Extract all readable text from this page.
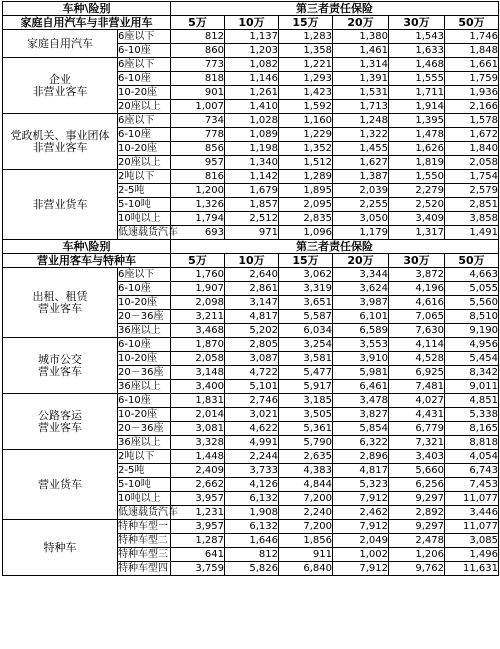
车种\险别		第三者责任保险					
家庭自用汽车与非营业用车		5万	10万	15万	20万	30万	50万
家庭自用汽车	6座以下	812	1,137	1,283	1,380	1,543	1,746
	6-10座	860	1,203	1,358	1,461	1,633	1,848
企业
非营业客车	6座以下	773	1,082	1,221	1,314	1,468	1,661
	6-10座	818	1,146	1,293	1,391	1,555	1,759
	10-20座	901	1,261	1,423	1,531	1,711	1,936
	20座以上	1,007	1,410	1,592	1,713	1,914	2,166
党政机关、事业团体
非营业客车	6座以下	734	1,028	1,160	1,248	1,395	1,578
	6-10座	778	1,089	1,229	1,322	1,478	1,672
	10-20座	856	1,198	1,352	1,455	1,626	1,840
	20座以上	957	1,340	1,512	1,627	1,819	2,058
非营业货车	2吨以下	816	1,142	1,289	1,387	1,550	1,754
	2-5吨	1,200	1,679	1,895	2,039	2,279	2,579
	5-10吨	1,326	1,857	2,095	2,255	2,520	2,851
	10吨以上	1,794	2,512	2,835	3,050	3,409	3,858
	低速载货汽车	693	971	1,096	1,179	1,317	1,491
车种\险别		第三者责任保险					
营业用客车与特种车		5万	10万	15万	20万	30万	50万
出租、租赁
营业客车	6座以下	1,760	2,640	3,062	3,344	3,872	4,663
	6-10座	1,907	2,861	3,319	3,624	4,196	5,055
	10-20座	2,098	3,147	3,651	3,987	4,616	5,560
	20－36座	3,211	4,817	5,587	6,101	7,065	8,510
	36座以上	3,468	5,202	6,034	6,589	7,630	9,190
城市公交
营业客车	6-10座	1,870	2,805	3,254	3,553	4,114	4,956
	10-20座	2,058	3,087	3,581	3,910	4,528	5,454
	20－36座	3,148	4,722	5,477	5,981	6,925	8,342
	36座以上	3,400	5,101	5,917	6,461	7,481	9,011
公路客运
营业客车	6-10座	1,831	2,746	3,185	3,478	4,027	4,851
	10-20座	2,014	3,021	3,505	3,827	4,431	5,338
	20－36座	3,081	4,622	5,361	5,854	6,779	8,165
	36座以上	3,328	4,991	5,790	6,322	7,321	8,818
营业货车	2吨以下	1,448	2,244	2,635	2,896	3,403	4,054
	2-5吨	2,409	3,733	4,383	4,817	5,660	6,743
	5-10吨	2,662	4,126	4,844	5,323	6,256	7,453
	10吨以上	3,957	6,132	7,200	7,912	9,297	11,077
	低速载货汽车	1,231	1,908	2,240	2,462	2,892	3,446
特种车	特种车型一	3,957	6,132	7,200	7,912	9,297	11,077
	特种车型二	1,287	1,646	1,856	2,049	2,478	3,085
	特种车型三	641	812	911	1,002	1,206	1,496
	特种车型四	3,759	5,826	6,840	7,912	9,762	11,631
